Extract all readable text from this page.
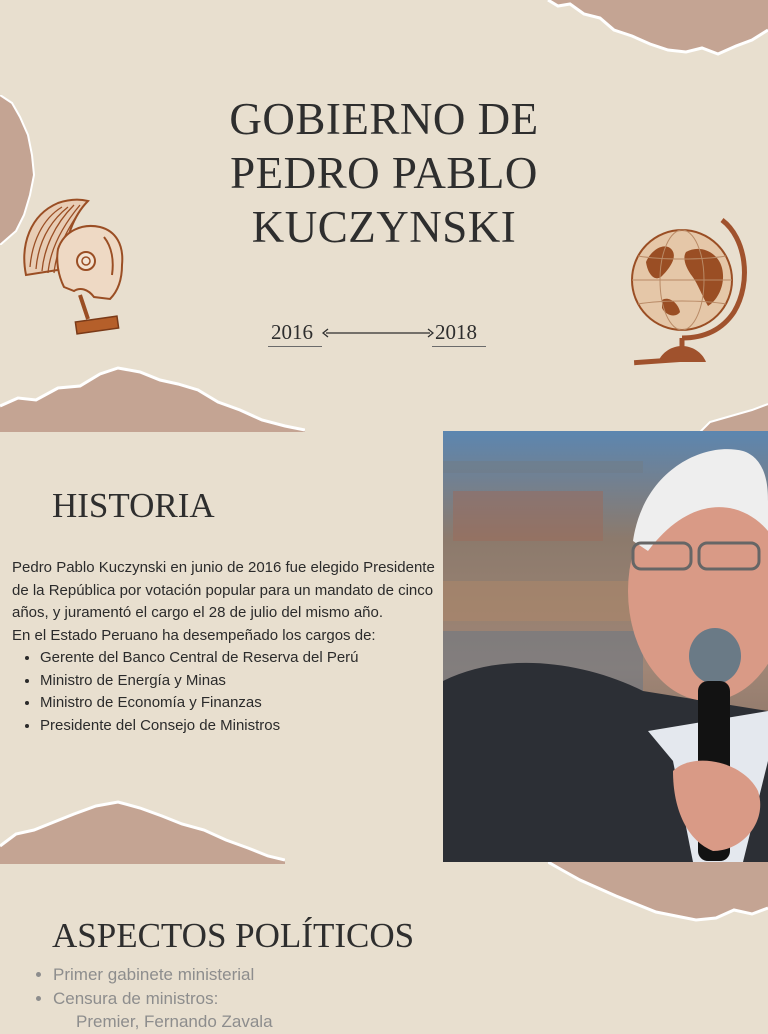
GOBIERNO DE PEDRO PABLO KUCZYNSKI
2016	2018
HISTORIA

Pedro Pablo Kuczynski en junio de 2016 fue elegido Presidente de la República por votación popular para un mandato de cinco años, y juramentó el cargo el 28 de julio del mismo año.

En el Estado Peruano ha desempeñado los cargos de:

• Gerente del Banco Central de Reserva del Perú
• Ministro de Energía y Minas
• Ministro de Economía y Finanzas
• Presidente del Consejo de Ministros
ASPECTOS POLÍTICOS
• Primer gabinete ministerial
• Censura de ministros:
Premier, Fernando Zavala
